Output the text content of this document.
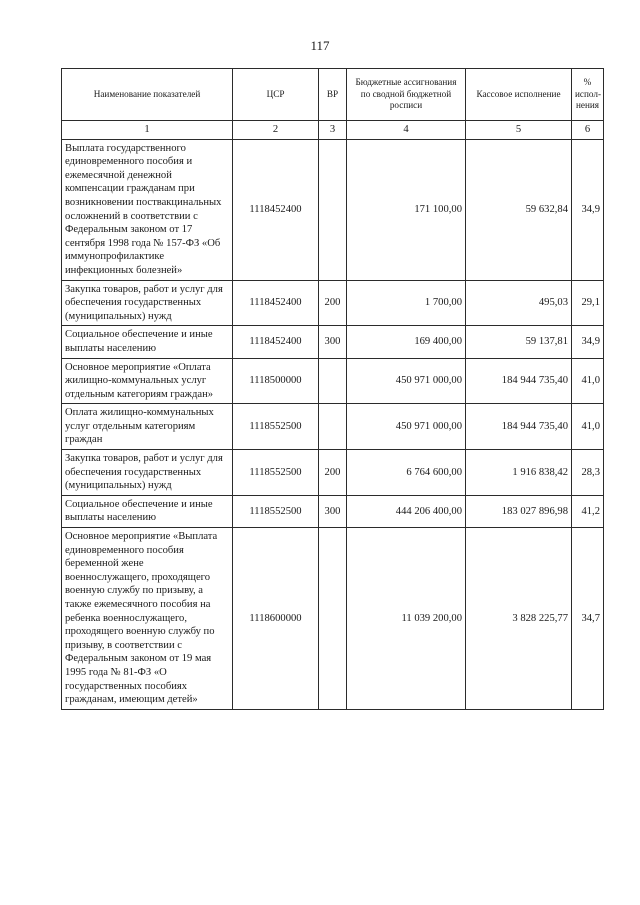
117
Наименование показателей	ЦСР	ВР	Бюджетные ассигнования по сводной бюджетной росписи	Кассовое исполнение	% испол-нения
1	2	3	4	5	6
Выплата государственного единовременного пособия и ежемесячной денежной компенсации гражданам при возникновении поствакцинальных осложнений в соответствии с Федеральным законом от 17 сентября 1998 года № 157-ФЗ «Об иммунопрофилактике инфекционных болезней»	1118452400		171 100,00	59 632,84	34,9
Закупка товаров, работ и услуг для обеспечения государственных (муниципальных) нужд	1118452400	200	1 700,00	495,03	29,1
Социальное обеспечение и иные выплаты населению	1118452400	300	169 400,00	59 137,81	34,9
Основное мероприятие «Оплата жилищно-коммунальных услуг отдельным категориям граждан»	1118500000		450 971 000,00	184 944 735,40	41,0
Оплата жилищно-коммунальных услуг отдельным категориям граждан	1118552500		450 971 000,00	184 944 735,40	41,0
Закупка товаров, работ и услуг для обеспечения государственных (муниципальных) нужд	1118552500	200	6 764 600,00	1 916 838,42	28,3
Социальное обеспечение и иные выплаты населению	1118552500	300	444 206 400,00	183 027 896,98	41,2
Основное мероприятие «Выплата единовременного пособия беременной жене военнослужащего, проходящего военную службу по призыву, а также ежемесячного пособия на ребенка военнослужащего, проходящего военную службу по призыву, в соответствии с Федеральным законом от 19 мая 1995 года № 81-ФЗ «О государственных пособиях гражданам, имеющим детей»	1118600000		11 039 200,00	3 828 225,77	34,7
